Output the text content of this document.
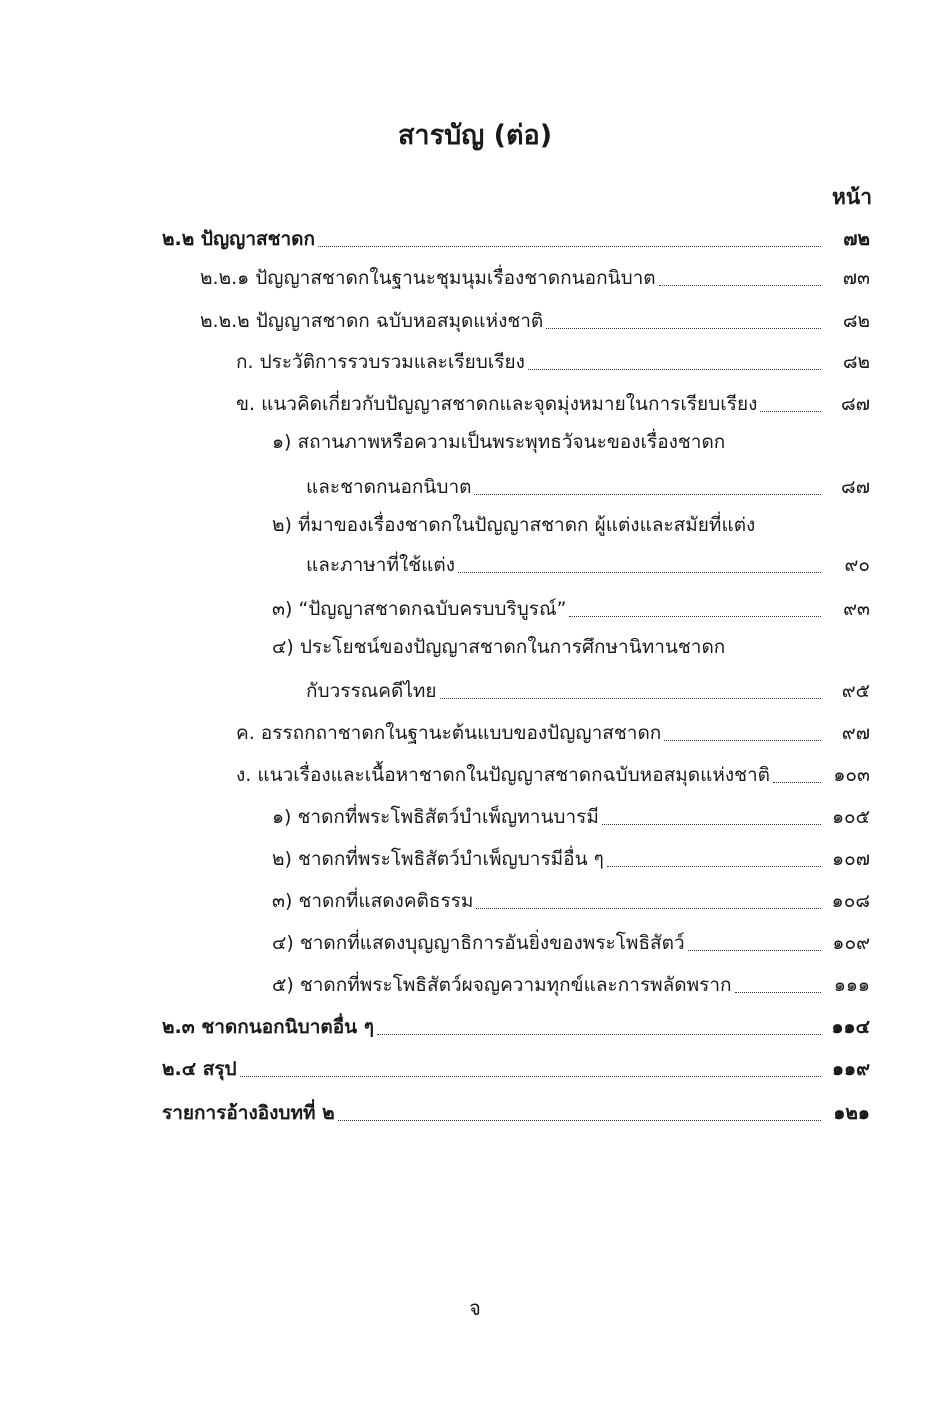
สารบัญ (ต่อ)
หน้า
๒.๒ ปัญญาสชาดก	๗๒
๒.๒.๑ ปัญญาสชาดกในฐานะชุมนุมเรื่องชาดกนอกนิบาต	๗๓
๒.๒.๒ ปัญญาสชาดก ฉบับหอสมุดแห่งชาติ	๘๒
ก. ประวัติการรวบรวมและเรียบเรียง	๘๒
ข. แนวคิดเกี่ยวกับปัญญาสชาดกและจุดมุ่งหมายในการเรียบเรียง	๘๗
๑) สถานภาพหรือความเป็นพระพุทธวัจนะของเรื่องชาดก
และชาดกนอกนิบาต	๘๗
๒) ที่มาของเรื่องชาดกในปัญญาสชาดก ผู้แต่งและสมัยที่แต่ง
และภาษาที่ใช้แต่ง	๙๐
๓) “ปัญญาสชาดกฉบับครบบริบูรณ์”	๙๓
๔) ประโยชน์ของปัญญาสชาดกในการศึกษานิทานชาดก
กับวรรณคดีไทย	๙๕
ค. อรรถกถาชาดกในฐานะต้นแบบของปัญญาสชาดก	๙๗
ง. แนวเรื่องและเนื้อหาชาดกในปัญญาสชาดกฉบับหอสมุดแห่งชาติ	๑๐๓
๑) ชาดกที่พระโพธิสัตว์บำเพ็ญทานบารมี	๑๐๕
๒) ชาดกที่พระโพธิสัตว์บำเพ็ญบารมีอื่น ๆ	๑๐๗
๓) ชาดกที่แสดงคติธรรม	๑๐๘
๔) ชาดกที่แสดงบุญญาธิการอันยิ่งของพระโพธิสัตว์	๑๐๙
๕) ชาดกที่พระโพธิสัตว์ผจญความทุกข์และการพลัดพราก	๑๑๑
๒.๓ ชาดกนอกนิบาตอื่น ๆ	๑๑๔
๒.๔ สรุป	๑๑๙
รายการอ้างอิงบทที่ ๒	๑๒๑
จ
